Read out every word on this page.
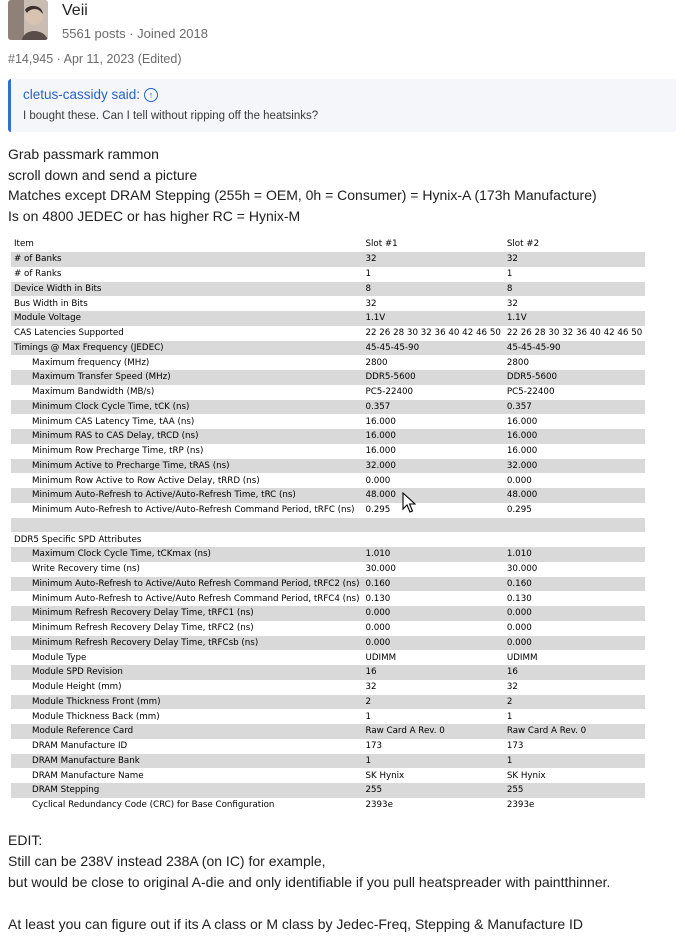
Veii
5561 posts · Joined 2018
#14,945 · Apr 11, 2023 (Edited)
cletus-cassidy said: ↑
I bought these. Can I tell without ripping off the heatsinks?
Grab passmark rammon
scroll down and send a picture
Matches except DRAM Stepping (255h = OEM, 0h = Consumer) = Hynix-A (173h Manufacture)
Is on 4800 JEDEC or has higher RC = Hynix-M
Item	Slot #1	Slot #2
# of Banks	32	32
# of Ranks	1	1
Device Width in Bits	8	8
Bus Width in Bits	32	32
Module Voltage	1.1V	1.1V
CAS Latencies Supported	22 26 28 30 32 36 40 42 46 50	22 26 28 30 32 36 40 42 46 50
Timings @ Max Frequency (JEDEC)	45-45-45-90	45-45-45-90
Maximum frequency (MHz)	2800	2800
Maximum Transfer Speed (MHz)	DDR5-5600	DDR5-5600
Maximum Bandwidth (MB/s)	PC5-22400	PC5-22400
Minimum Clock Cycle Time, tCK (ns)	0.357	0.357
Minimum CAS Latency Time, tAA (ns)	16.000	16.000
Minimum RAS to CAS Delay, tRCD (ns)	16.000	16.000
Minimum Row Precharge Time, tRP (ns)	16.000	16.000
Minimum Active to Precharge Time, tRAS (ns)	32.000	32.000
Minimum Row Active to Row Active Delay, tRRD (ns)	0.000	0.000
Minimum Auto-Refresh to Active/Auto-Refresh Time, tRC (ns)	48.000	48.000
Minimum Auto-Refresh to Active/Auto-Refresh Command Period, tRFC (ns)	0.295	0.295

DDR5 Specific SPD Attributes		
Maximum Clock Cycle Time, tCKmax (ns)	1.010	1.010
Write Recovery time (ns)	30.000	30.000
Minimum Auto-Refresh to Active/Auto Refresh Command Period, tRFC2 (ns)	0.160	0.160
Minimum Auto-Refresh to Active/Auto Refresh Command Period, tRFC4 (ns)	0.130	0.130
Minimum Refresh Recovery Delay Time, tRFC1 (ns)	0.000	0.000
Minimum Refresh Recovery Delay Time, tRFC2 (ns)	0.000	0.000
Minimum Refresh Recovery Delay Time, tRFCsb (ns)	0.000	0.000
Module Type	UDIMM	UDIMM
Module SPD Revision	16	16
Module Height (mm)	32	32
Module Thickness Front (mm)	2	2
Module Thickness Back (mm)	1	1
Module Reference Card	Raw Card A Rev. 0	Raw Card A Rev. 0
DRAM Manufacture ID	173	173
DRAM Manufacture Bank	1	1
DRAM Manufacture Name	SK Hynix	SK Hynix
DRAM Stepping	255	255
Cyclical Redundancy Code (CRC) for Base Configuration	2393e	2393e
EDIT:
Still can be 238V instead 238A (on IC) for example,
but would be close to original A-die and only identifiable if you pull heatspreader with paintthinner.
At least you can figure out if its A class or M class by Jedec-Freq, Stepping & Manufacture ID
